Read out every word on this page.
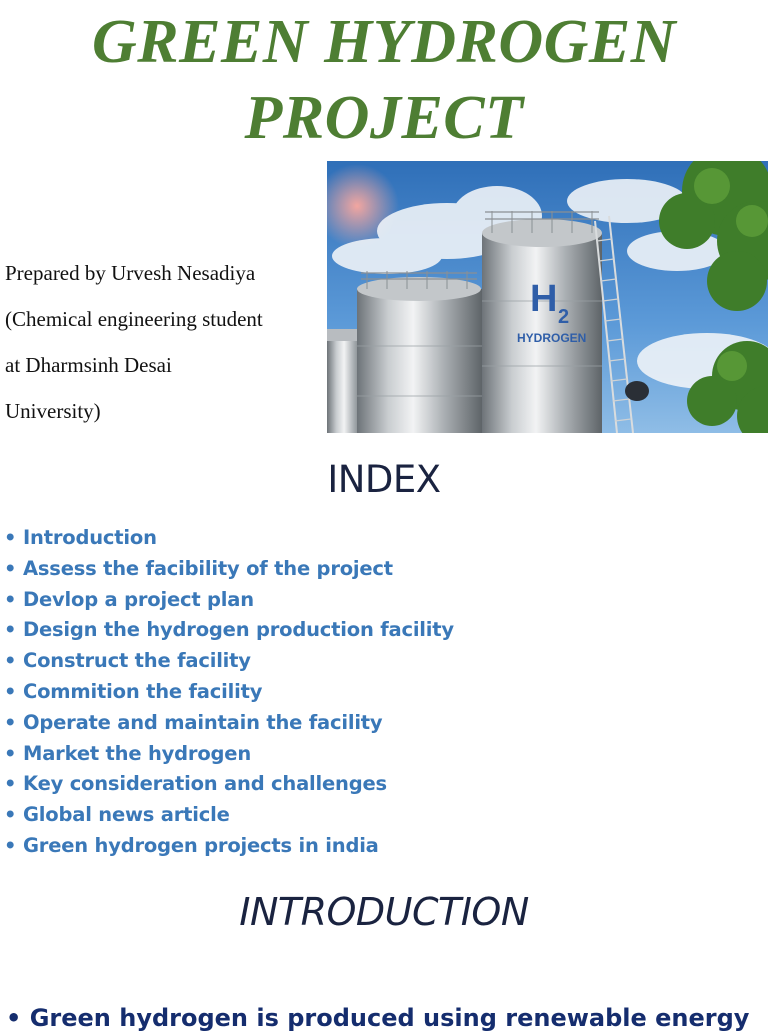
GREEN HYDROGEN
PROJECT
Prepared by Urvesh Nesadiya
(Chemical engineering student
at Dharmsinh Desai
University)
H 2
HYDROGEN
INDEX
• Introduction
• Assess the facibility of the project
• Devlop a project plan
• Design the hydrogen production facility
• Construct the facility
• Commition the facility
• Operate and maintain the facility
• Market the hydrogen
• Key consideration and challenges
• Global news article
• Green hydrogen projects in india
INTRODUCTION
• Green hydrogen is produced using renewable energy
